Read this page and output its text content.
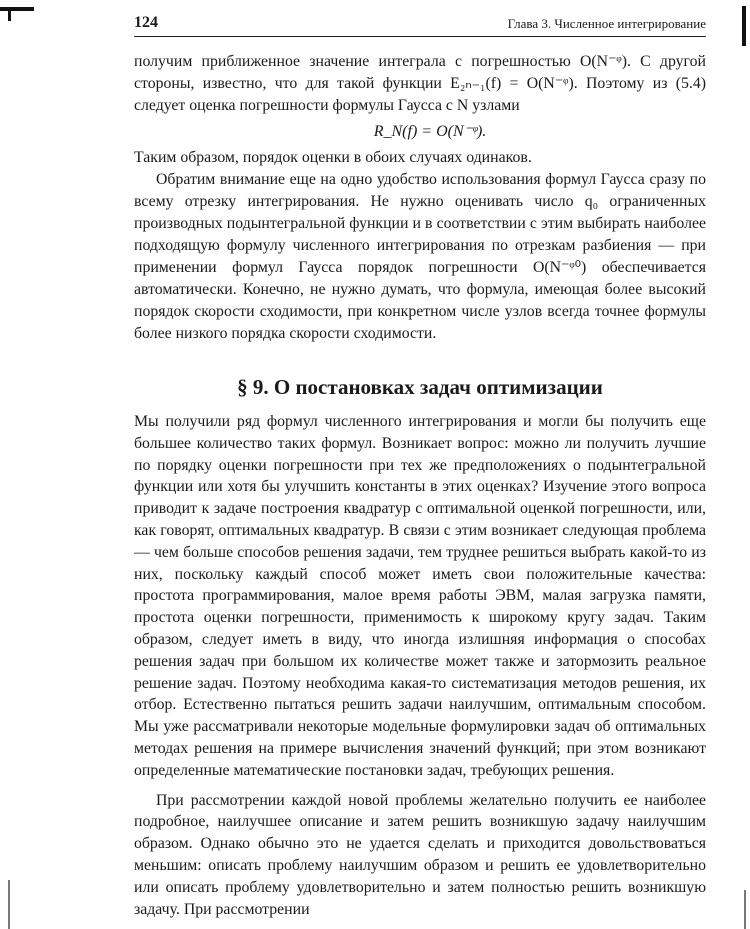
124	Глава 3. Численное интегрирование

получим приближенное значение интеграла с погрешностью O(N⁻ᵠ). С другой стороны, известно, что для такой функции E₂ₙ₋₁(f) = O(N⁻ᵠ). Поэтому из (5.4) следует оценка погрешности формулы Гаусса с N узлами

R_N(f) = O(N⁻ᵠ).

Таким образом, порядок оценки в обоих случаях одинаков.

Обратим внимание еще на одно удобство использования формул Гаусса сразу по всему отрезку интегрирования. Не нужно оценивать число q₀ ограниченных производных подынтегральной функции и в соответствии с этим выбирать наиболее подходящую формулу численного интегрирования по отрезкам разбиения — при применении формул Гаусса порядок погрешности O(N⁻ᵠ⁰) обеспечивается автоматически. Конечно, не нужно думать, что формула, имеющая более высокий порядок скорости сходимости, при конкретном числе узлов всегда точнее формулы более низкого порядка скорости сходимости.

§ 9. О постановках задач оптимизации

Мы получили ряд формул численного интегрирования и могли бы получить еще большее количество таких формул. Возникает вопрос: можно ли получить лучшие по порядку оценки погрешности при тех же предположениях о подынтегральной функции или хотя бы улучшить константы в этих оценках? Изучение этого вопроса приводит к задаче построения квадратур с оптимальной оценкой погрешности, или, как говорят, оптимальных квадратур. В связи с этим возникает следующая проблема — чем больше способов решения задачи, тем труднее решиться выбрать какой-то из них, поскольку каждый способ может иметь свои положительные качества: простота программирования, малое время работы ЭВМ, малая загрузка памяти, простота оценки погрешности, применимость к широкому кругу задач. Таким образом, следует иметь в виду, что иногда излишняя информация о способах решения задач при большом их количестве может также и затормозить реальное решение задач. Поэтому необходима какая-то систематизация методов решения, их отбор. Естественно пытаться решить задачи наилучшим, оптимальным способом. Мы уже рассматривали некоторые модельные формулировки задач об оптимальных методах решения на примере вычисления значений функций; при этом возникают определенные математические постановки задач, требующих решения.

При рассмотрении каждой новой проблемы желательно получить ее наиболее подробное, наилучшее описание и затем решить возникшую задачу наилучшим образом. Однако обычно это не удается сделать и приходится довольствоваться меньшим: описать проблему наилучшим образом и решить ее удовлетворительно или описать проблему удовлетворительно и затем полностью решить возникшую задачу. При рассмотрении
